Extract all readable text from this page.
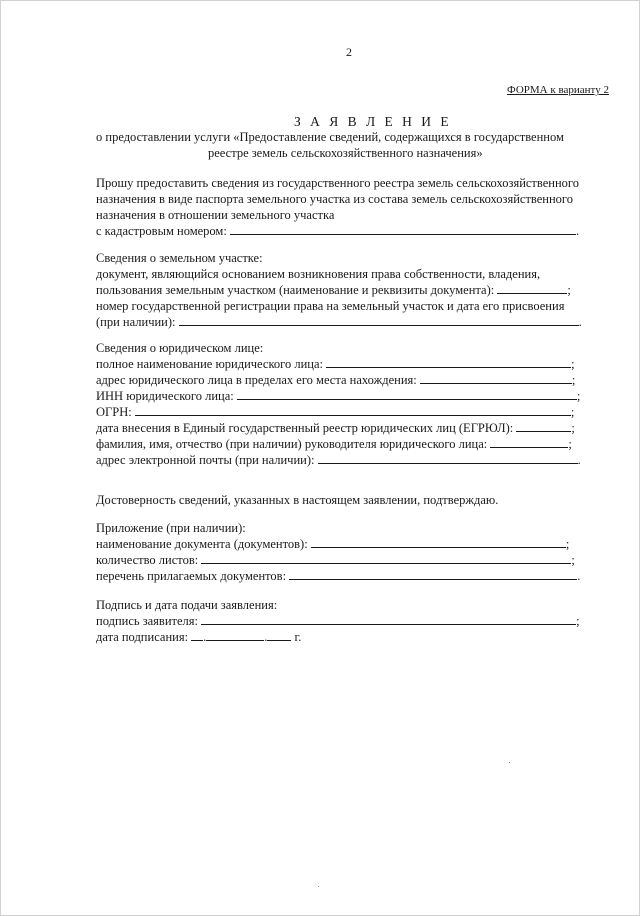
2
ФОРМА к варианту 2
З А Я В Л Е Н И Е
о предоставлении услуги «Предоставление сведений, содержащихся в государственном
реестре земель сельскохозяйственного назначения»
Прошу предоставить сведения из государственного реестра земель сельскохозяйственного
назначения в виде паспорта земельного участка из состава земель сельскохозяйственного
назначения в отношении земельного участка
с кадастровым номером:	.
Сведения о земельном участке:
документ, являющийся основанием возникновения права собственности, владения,
пользования земельным участком (наименование и реквизиты документа):	;
номер государственной регистрации права на земельный участок и дата его присвоения
(при наличии):	.
Сведения о юридическом лице:
полное наименование юридического лица:	;
адрес юридического лица в пределах его места нахождения:	;
ИНН юридического лица:	;
ОГРН:	;
дата внесения в Единый государственный реестр юридических лиц (ЕГРЮЛ):	;
фамилия, имя, отчество (при наличии) руководителя юридического лица:	;
адрес электронной почты (при наличии):	.
Достоверность сведений, указанных в настоящем заявлении, подтверждаю.
Приложение (при наличии):
наименование документа (документов):	;
количество листов:	;
перечень прилагаемых документов:	.
Подпись и дата подачи заявления:
подпись заявителя:	;
дата подписания: .	. г.
